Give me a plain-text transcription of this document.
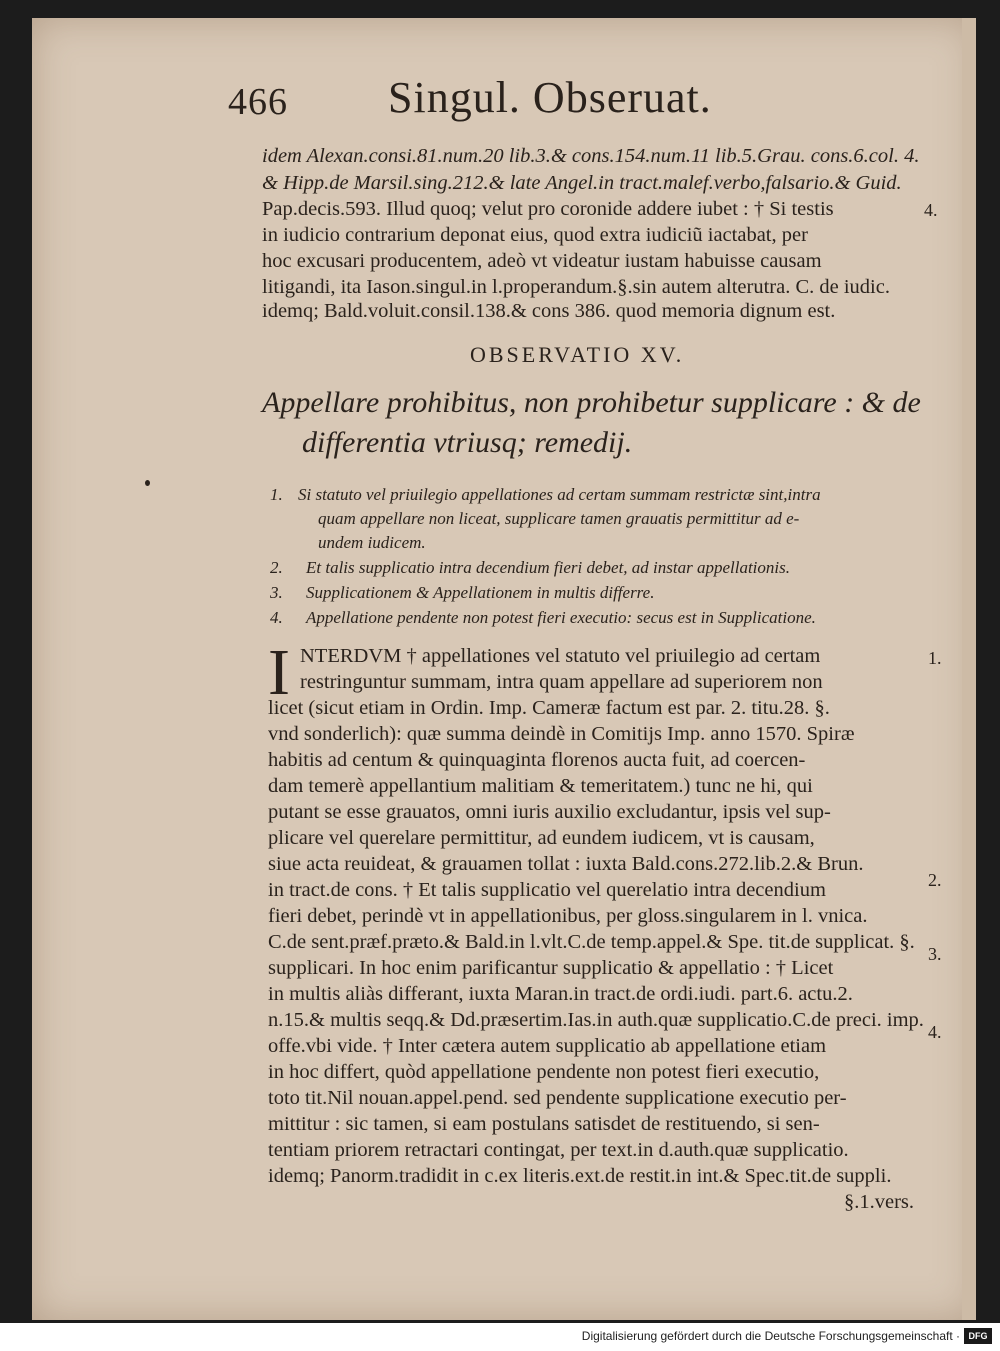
466 Singul. Obseruat.
idem Alexan.consi.81.num.20 lib.3.& cons.154.num.11 lib.5.Grau. cons.6.col. 4.
& Hipp.de Marsil.sing.212.& late Angel.in tract.malef.verbo,falsario.& Guid.
Pap.decis.593. Illud quoq; velut pro coronide addere iubet : † Si testis
in iudicio contrarium deponat eius, quod extra iudiciũ iactabat, per
hoc excusari producentem, adeò vt videatur iustam habuisse causam
litigandi, ita Iason.singul.in l.properandum.§.sin autem alterutra. C. de iudic.
idemq; Bald.voluit.consil.138.& cons 386. quod memoria dignum est.
4.
OBSERVATIO XV.
Appellare prohibitus, non prohibetur supplicare : & de
differentia vtriusq; remedij.
1. Si statuto vel priuilegio appellationes ad certam summam restrictæ sint,intra
quam appellare non liceat, supplicare tamen grauatis permittitur ad e-
undem iudicem.
2. Et talis supplicatio intra decendium fieri debet, ad instar appellationis.
3. Supplicationem & Appellationem in multis differre.
4. Appellatione pendente non potest fieri executio: secus est in Supplicatione.
I NTERDVM † appellationes vel statuto vel priuilegio ad certam
restringuntur summam, intra quam appellare ad superiorem non
licet (sicut etiam in Ordin. Imp. Cameræ factum est par. 2. titu.28. §.
vnd sonderlich): quæ summa deindè in Comitijs Imp. anno 1570. Spiræ
habitis ad centum & quinquaginta florenos aucta fuit, ad coercen-
dam temerè appellantium malitiam & temeritatem.) tunc ne hi, qui
putant se esse grauatos, omni iuris auxilio excludantur, ipsis vel sup-
plicare vel querelare permittitur, ad eundem iudicem, vt is causam,
siue acta reuideat, & grauamen tollat : iuxta Bald.cons.272.lib.2.& Brun.
in tract.de cons. † Et talis supplicatio vel querelatio intra decendium
fieri debet, perindè vt in appellationibus, per gloss.singularem in l. vnica.
C.de sent.præf.præto.& Bald.in l.vlt.C.de temp.appel.& Spe. tit.de supplicat. §.
supplicari. In hoc enim parificantur supplicatio & appellatio : † Licet
in multis aliàs differant, iuxta Maran.in tract.de ordi.iudi. part.6. actu.2.
n.15.& multis seqq.& Dd.præsertim.Ias.in auth.quæ supplicatio.C.de preci. imp.
offe.vbi vide. † Inter cætera autem supplicatio ab appellatione etiam
in hoc differt, quòd appellatione pendente non potest fieri executio,
toto tit.Nil nouan.appel.pend. sed pendente supplicatione executio per-
mittitur : sic tamen, si eam postulans satisdet de restituendo, si sen-
tentiam priorem retractari contingat, per text.in d.auth.quæ supplicatio.
idemq; Panorm.tradidit in c.ex literis.ext.de restit.in int.& Spec.tit.de suppli.
§.1.vers.
1.
2.
3.
4.
Digitalisierung gefördert durch die Deutsche Forschungsgemeinschaft · DFG
